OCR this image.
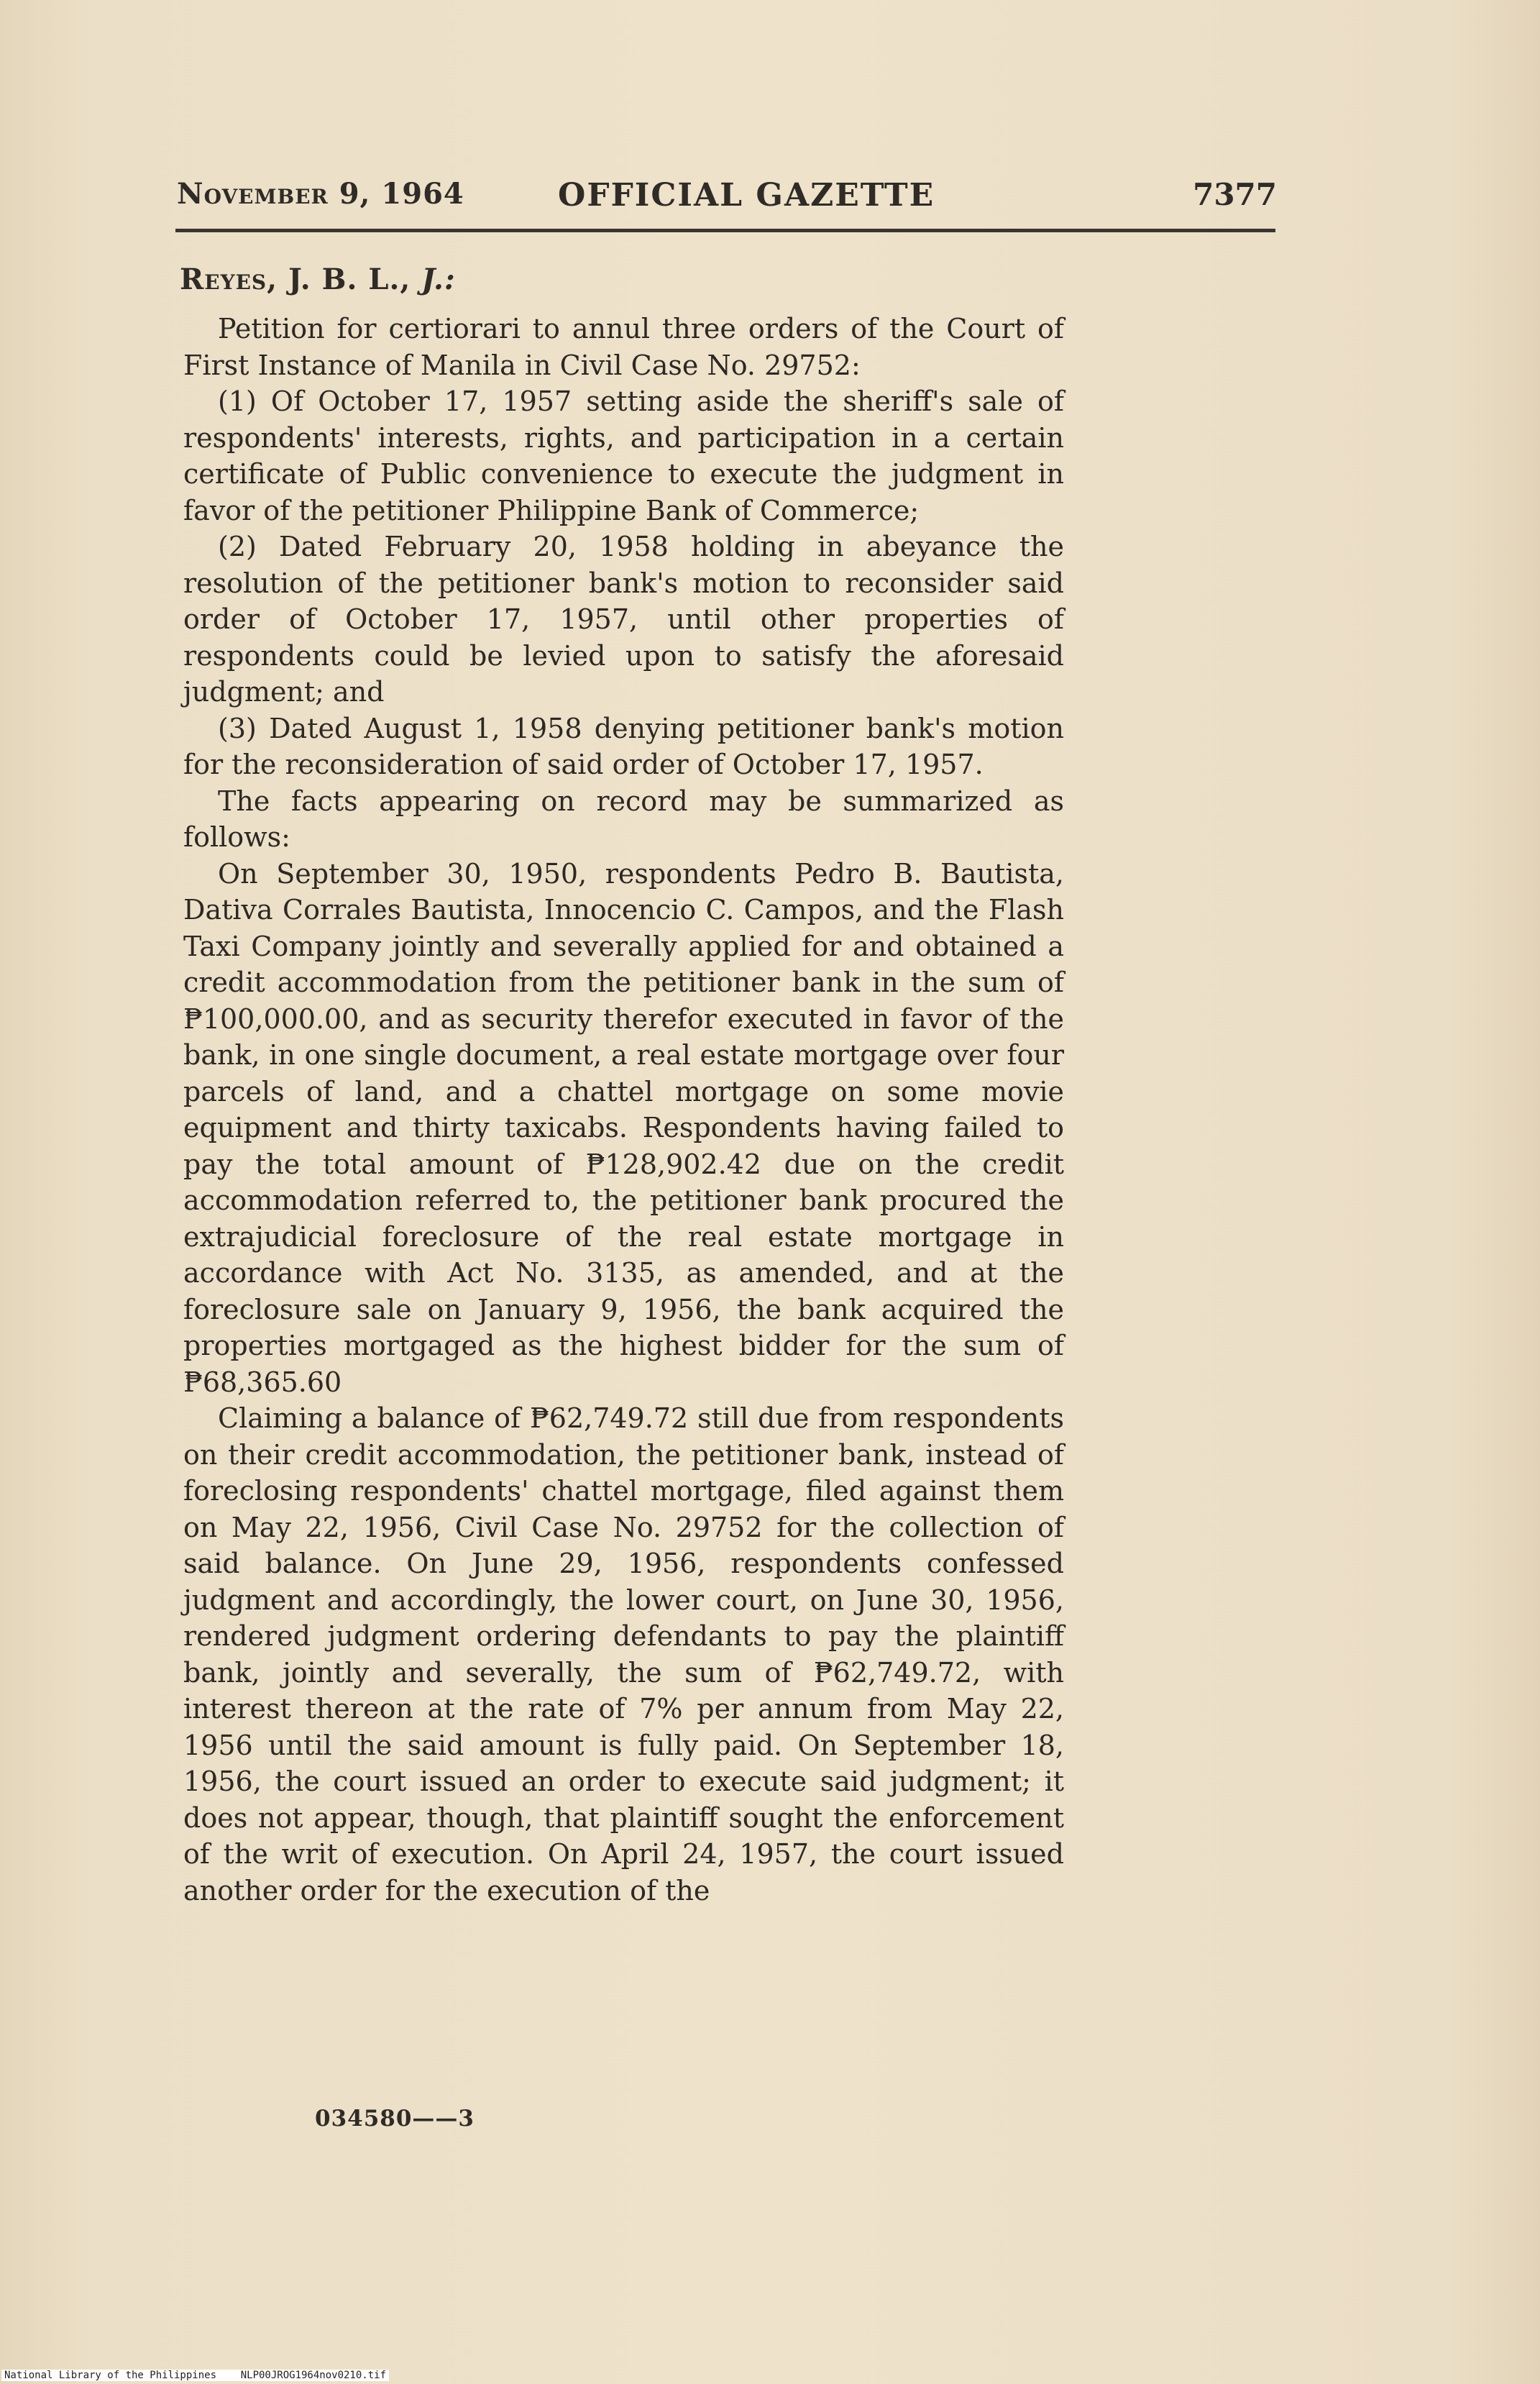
November 9, 1964	OFFICIAL GAZETTE	7377
Reyes, J. B. L., J.:

Petition for certiorari to annul three orders of the Court of First Instance of Manila in Civil Case No. 29752:

(1) Of October 17, 1957 setting aside the sheriff's sale of respondents' interests, rights, and participation in a certain certificate of Public convenience to execute the judgment in favor of the petitioner Philippine Bank of Commerce;

(2) Dated February 20, 1958 holding in abeyance the resolution of the petitioner bank's motion to reconsider said order of October 17, 1957, until other properties of respondents could be levied upon to satisfy the aforesaid judgment; and

(3) Dated August 1, 1958 denying petitioner bank's motion for the reconsideration of said order of October 17, 1957.

The facts appearing on record may be summarized as follows:

On September 30, 1950, respondents Pedro B. Bautista, Dativa Corrales Bautista, Innocencio C. Campos, and the Flash Taxi Company jointly and severally applied for and obtained a credit accommodation from the petitioner bank in the sum of ₱100,000.00, and as security therefor executed in favor of the bank, in one single document, a real estate mortgage over four parcels of land, and a chattel mortgage on some movie equipment and thirty taxicabs. Respondents having failed to pay the total amount of ₱128,902.42 due on the credit accommodation referred to, the petitioner bank procured the extrajudicial foreclosure of the real estate mortgage in accordance with Act No. 3135, as amended, and at the foreclosure sale on January 9, 1956, the bank acquired the properties mortgaged as the highest bidder for the sum of ₱68,365.60

Claiming a balance of ₱62,749.72 still due from respondents on their credit accommodation, the petitioner bank, instead of foreclosing respondents' chattel mortgage, filed against them on May 22, 1956, Civil Case No. 29752 for the collection of said balance. On June 29, 1956, respondents confessed judgment and accordingly, the lower court, on June 30, 1956, rendered judgment ordering defendants to pay the plaintiff bank, jointly and severally, the sum of ₱62,749.72, with interest thereon at the rate of 7% per annum from May 22, 1956 until the said amount is fully paid. On September 18, 1956, the court issued an order to execute said judgment; it does not appear, though, that plaintiff sought the enforcement of the writ of execution. On April 24, 1957, the court issued another order for the execution of the

034580——3
National Library of the Philippines    NLP00JROG1964nov0210.tif
